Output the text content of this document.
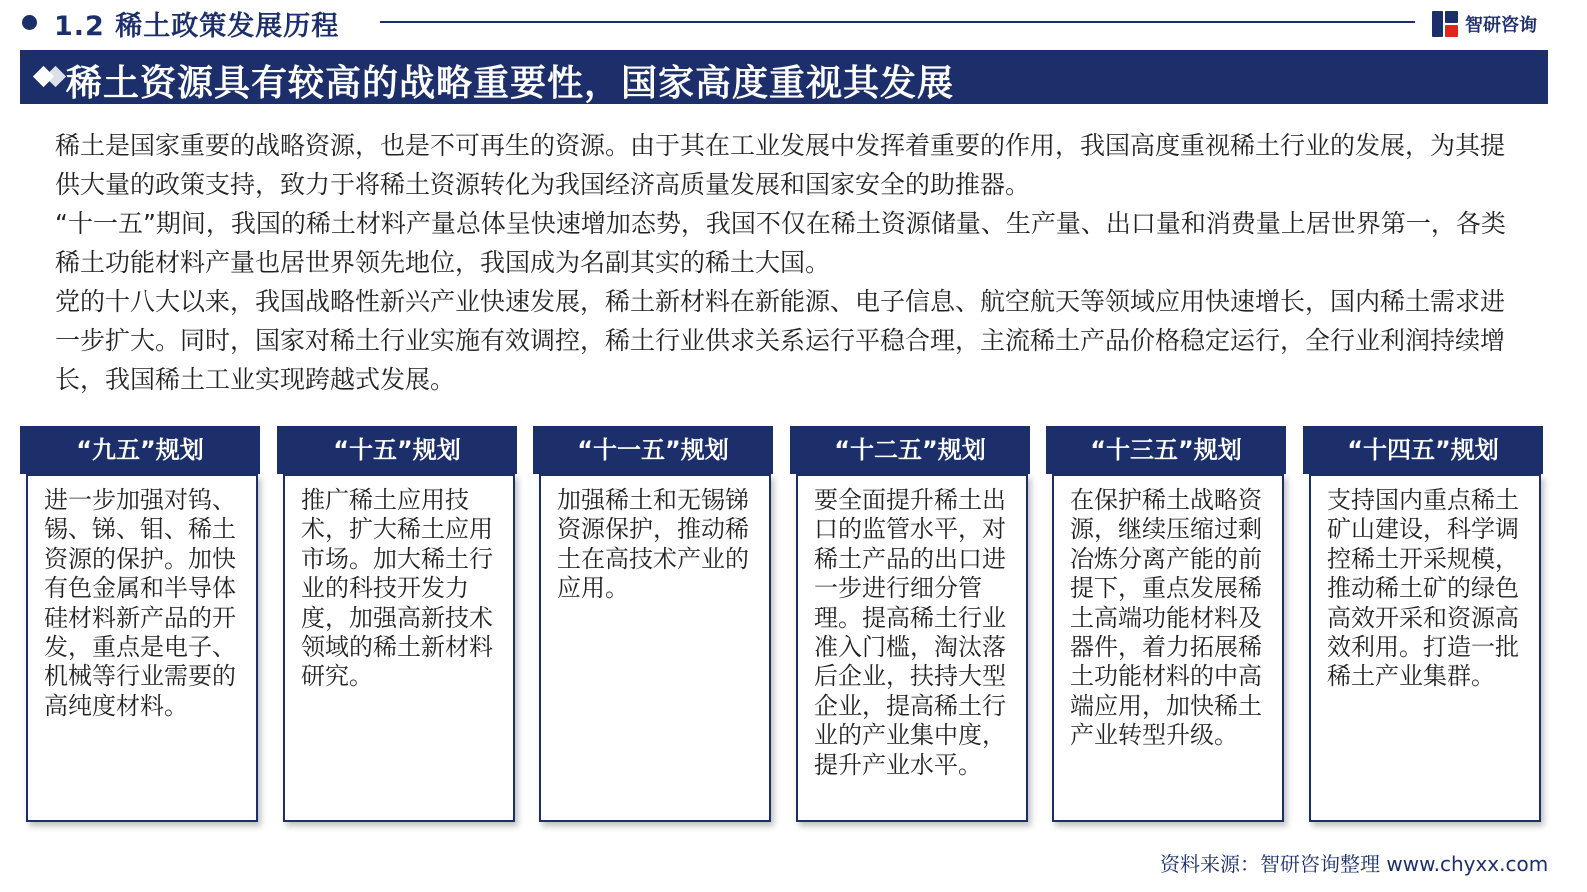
1.2 稀土政策发展历程	智研咨询
稀土资源具有较高的战略重要性，国家高度重视其发展

稀土是国家重要的战略资源，也是不可再生的资源。由于其在工业发展中发挥着重要的作用，我国高度重视稀土行业的发展，为其提供大量的政策支持，致力于将稀土资源转化为我国经济高质量发展和国家安全的助推器。

“十一五”期间，我国的稀土材料产量总体呈快速增加态势，我国不仅在稀土资源储量、生产量、出口量和消费量上居世界第一，各类稀土功能材料产量也居世界领先地位，我国成为名副其实的稀土大国。

党的十八大以来，我国战略性新兴产业快速发展，稀土新材料在新能源、电子信息、航空航天等领域应用快速增长，国内稀土需求进一步扩大。同时，国家对稀土行业实施有效调控，稀土行业供求关系运行平稳合理，主流稀土产品价格稳定运行，全行业利润持续增长，我国稀土工业实现跨越式发展。

“九五”规划
进一步加强对钨、锡、锑、钼、稀土资源的保护。加快有色金属和半导体硅材料新产品的开发，重点是电子、机械等行业需要的高纯度材料。
“十五”规划
推广稀土应用技术，扩大稀土应用市场。加大稀土行业的科技开发力度，加强高新技术领域的稀土新材料研究。
“十一五”规划
加强稀土和无锡锑资源保护，推动稀土在高技术产业的应用。
“十二五”规划
要全面提升稀土出口的监管水平，对稀土产品的出口进一步进行细分管理。提高稀土行业准入门槛，淘汰落后企业，扶持大型企业，提高稀土行业的产业集中度，提升产业水平。
“十三五”规划
在保护稀土战略资源，继续压缩过剩冶炼分离产能的前提下，重点发展稀土高端功能材料及器件，着力拓展稀土功能材料的中高端应用，加快稀土产业转型升级。
“十四五”规划
支持国内重点稀土矿山建设，科学调控稀土开采规模，推动稀土矿的绿色高效开采和资源高效利用。打造一批稀土产业集群。
资料来源：智研咨询整理 www.chyxx.com
